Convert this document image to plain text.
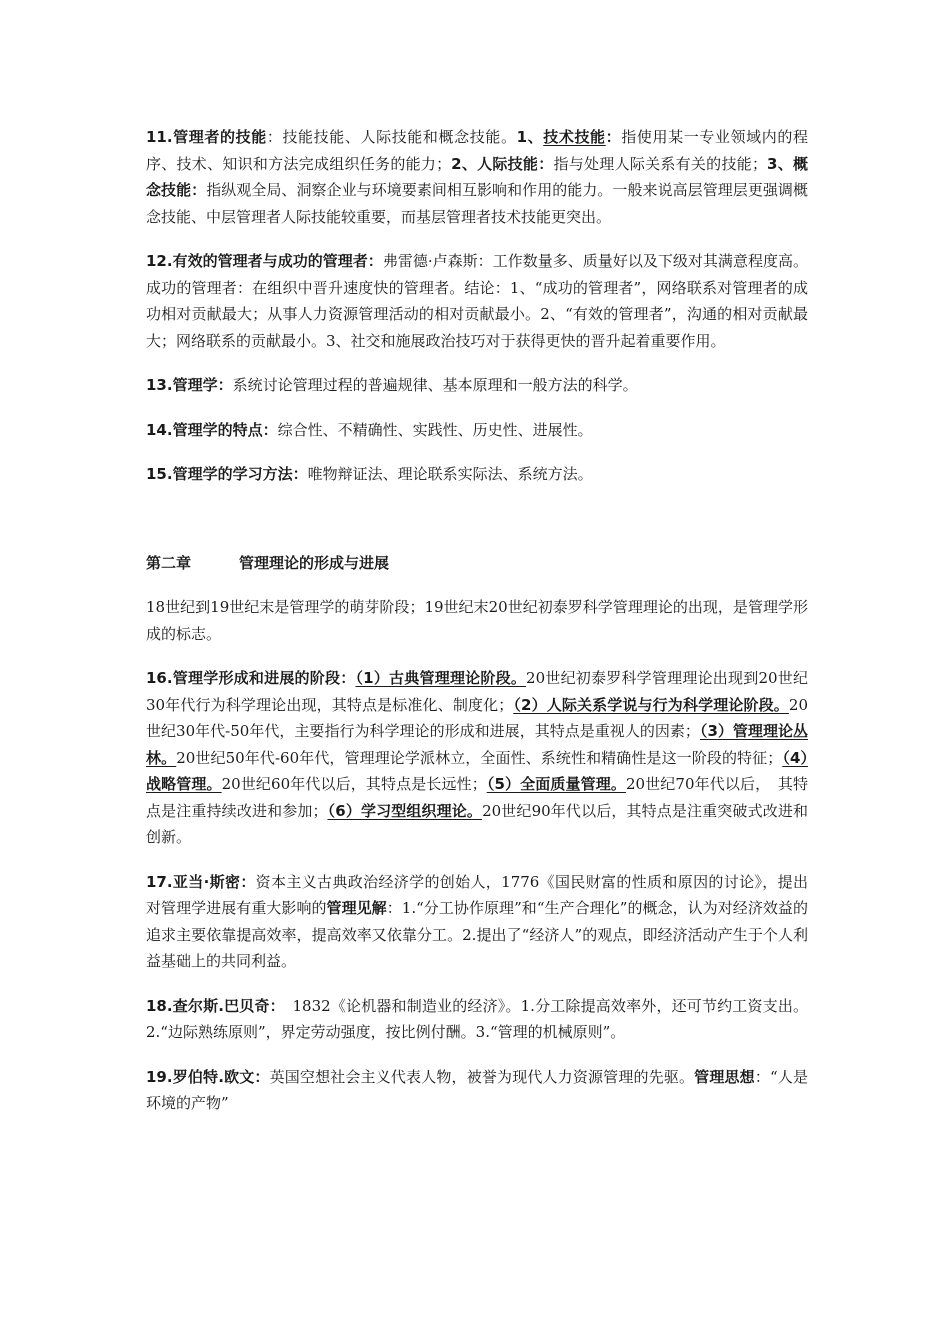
11.管理者的技能：技能技能、人际技能和概念技能。1、技术技能：指使用某一专业领域内的程序、技术、知识和方法完成组织任务的能力；2、人际技能：指与处理人际关系有关的技能；3、概念技能：指纵观全局、洞察企业与环境要素间相互影响和作用的能力。一般来说高层管理层更强调概念技能、中层管理者人际技能较重要，而基层管理者技术技能更突出。

12.有效的管理者与成功的管理者：弗雷德·卢森斯：工作数量多、质量好以及下级对其满意程度高。成功的管理者：在组织中晋升速度快的管理者。结论：1、“成功的管理者”，网络联系对管理者的成功相对贡献最大；从事人力资源管理活动的相对贡献最小。2、“有效的管理者”，沟通的相对贡献最大；网络联系的贡献最小。3、社交和施展政治技巧对于获得更快的晋升起着重要作用。

13.管理学：系统讨论管理过程的普遍规律、基本原理和一般方法的科学。

14.管理学的特点：综合性、不精确性、实践性、历史性、进展性。

15.管理学的学习方法：唯物辩证法、理论联系实际法、系统方法。

第二章	管理理论的形成与进展

18世纪到19世纪末是管理学的萌芽阶段；19世纪末20世纪初泰罗科学管理理论的出现，是管理学形成的标志。

16.管理学形成和进展的阶段：（1）古典管理理论阶段。20世纪初泰罗科学管理理论出现到20世纪30年代行为科学理论出现，其特点是标准化、制度化；（2）人际关系学说与行为科学理论阶段。20世纪30年代-50年代，主要指行为科学理论的形成和进展，其特点是重视人的因素；（3）管理理论丛林。20世纪50年代-60年代，管理理论学派林立，全面性、系统性和精确性是这一阶段的特征；（4）战略管理。20世纪60年代以后，其特点是长远性；（5）全面质量管理。20世纪70年代以后，　其特点是注重持续改进和参加；（6）学习型组织理论。20世纪90年代以后，其特点是注重突破式改进和创新。

17.亚当·斯密：资本主义古典政治经济学的创始人，1776《国民财富的性质和原因的讨论》，提出对管理学进展有重大影响的管理见解：1.“分工协作原理”和“生产合理化”的概念，认为对经济效益的追求主要依靠提高效率，提高效率又依靠分工。2.提出了“经济人”的观点，即经济活动产生于个人利益基础上的共同利益。

18.查尔斯.巴贝奇：　1832《论机器和制造业的经济》。1.分工除提高效率外，还可节约工资支出。2.“边际熟练原则”，界定劳动强度，按比例付酬。3.“管理的机械原则”。

19.罗伯特.欧文：英国空想社会主义代表人物，被誉为现代人力资源管理的先驱。管理思想：“人是环境的产物”
